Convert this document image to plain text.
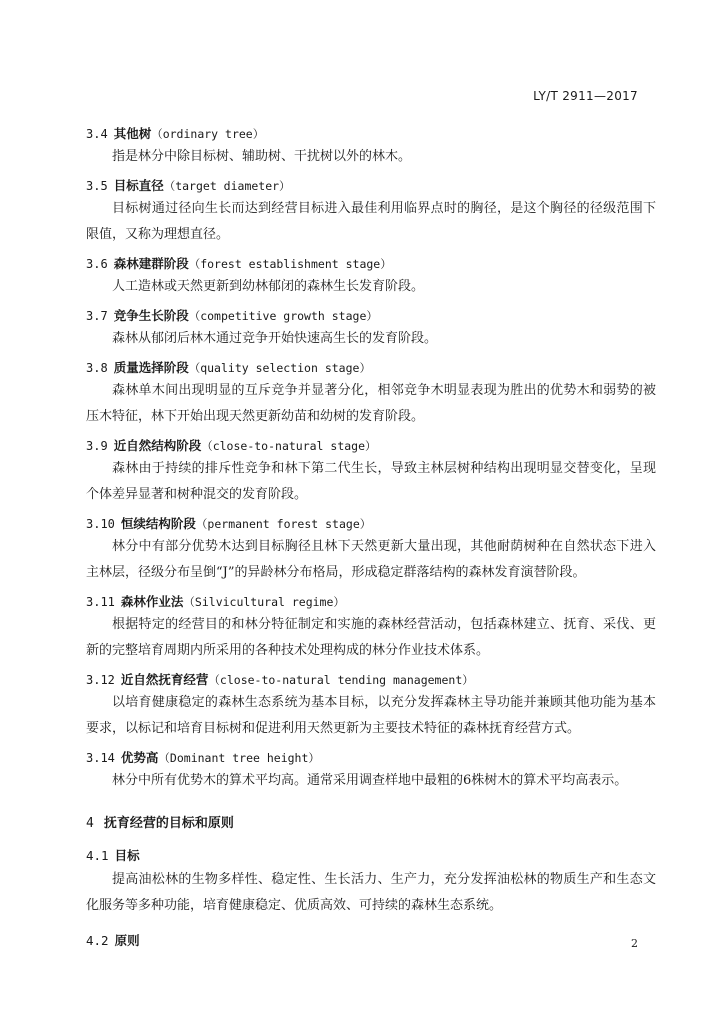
LY/T 2911—2017
3.4 其他树（ordinary tree）

指是林分中除目标树、辅助树、干扰树以外的林木。

3.5 目标直径（target diameter）

目标树通过径向生长而达到经营目标进入最佳利用临界点时的胸径，是这个胸径的径级范围下限值，又称为理想直径。

3.6 森林建群阶段（forest establishment stage）

人工造林或天然更新到幼林郁闭的森林生长发育阶段。

3.7 竞争生长阶段（competitive growth stage）

森林从郁闭后林木通过竞争开始快速高生长的发育阶段。

3.8 质量选择阶段（quality selection stage）

森林单木间出现明显的互斥竞争并显著分化，相邻竞争木明显表现为胜出的优势木和弱势的被压木特征，林下开始出现天然更新幼苗和幼树的发育阶段。

3.9 近自然结构阶段（close-to-natural stage）

森林由于持续的排斥性竞争和林下第二代生长，导致主林层树种结构出现明显交替变化，呈现个体差异显著和树种混交的发育阶段。

3.10 恒续结构阶段（permanent forest stage）

林分中有部分优势木达到目标胸径且林下天然更新大量出现，其他耐荫树种在自然状态下进入主林层，径级分布呈倒“J”的异龄林分布格局，形成稳定群落结构的森林发育演替阶段。

3.11 森林作业法（Silvicultural regime）

根据特定的经营目的和林分特征制定和实施的森林经营活动，包括森林建立、抚育、采伐、更新的完整培育周期内所采用的各种技术处理构成的林分作业技术体系。

3.12 近自然抚育经营（close-to-natural tending management）

以培育健康稳定的森林生态系统为基本目标，以充分发挥森林主导功能并兼顾其他功能为基本要求，以标记和培育目标树和促进利用天然更新为主要技术特征的森林抚育经营方式。

3.14 优势高（Dominant tree height）

林分中所有优势木的算术平均高。通常采用调查样地中最粗的6株树木的算术平均高表示。

4 抚育经营的目标和原则
4.1 目标

提高油松林的生物多样性、稳定性、生长活力、生产力，充分发挥油松林的物质生产和生态文化服务等多种功能，培育健康稳定、优质高效、可持续的森林生态系统。

4.2 原则	2
